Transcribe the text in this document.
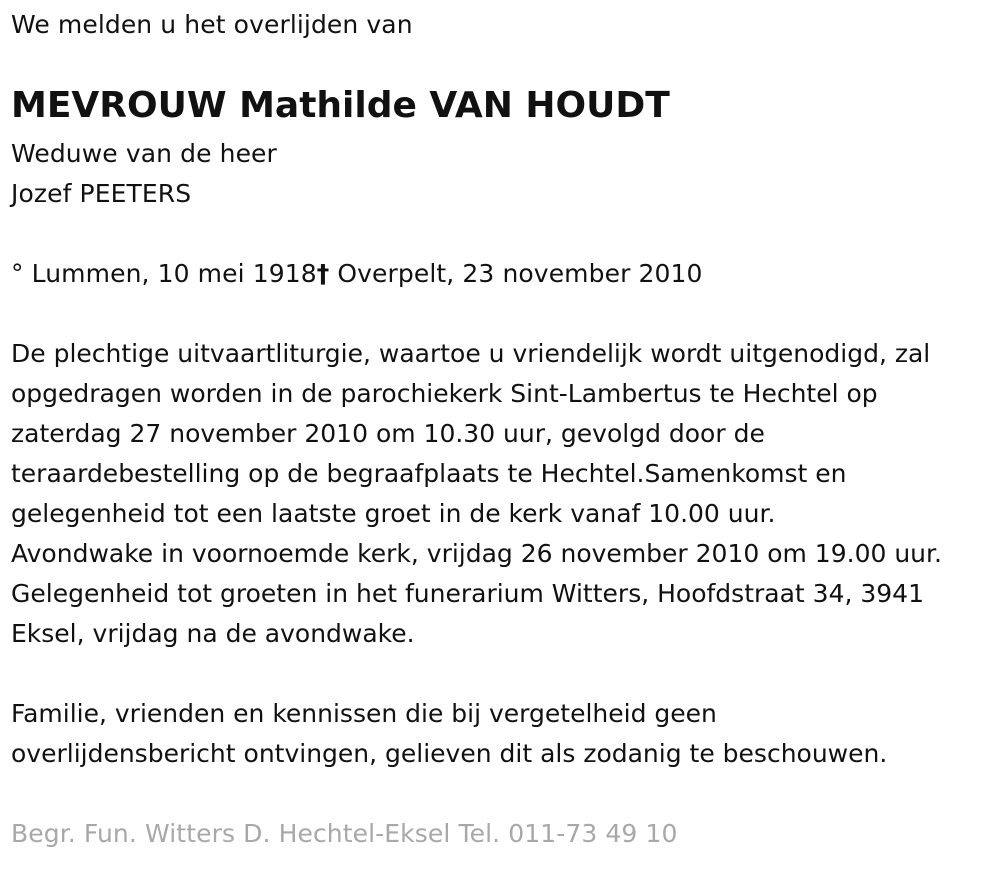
We melden u het overlijden van
MEVROUW Mathilde VAN HOUDT
Weduwe van de heer
Jozef PEETERS
° Lummen, 10 mei 1918† Overpelt, 23 november 2010
De plechtige uitvaartliturgie, waartoe u vriendelijk wordt uitgenodigd, zal
opgedragen worden in de parochiekerk Sint-Lambertus te Hechtel op
zaterdag 27 november 2010 om 10.30 uur, gevolgd door de
teraardebestelling op de begraafplaats te Hechtel.Samenkomst en
gelegenheid tot een laatste groet in de kerk vanaf 10.00 uur.
Avondwake in voornoemde kerk, vrijdag 26 november 2010 om 19.00 uur.
Gelegenheid tot groeten in het funerarium Witters, Hoofdstraat 34, 3941
Eksel, vrijdag na de avondwake.
Familie, vrienden en kennissen die bij vergetelheid geen
overlijdensbericht ontvingen, gelieven dit als zodanig te beschouwen.
Begr. Fun. Witters D. Hechtel-Eksel Tel. 011-73 49 10
